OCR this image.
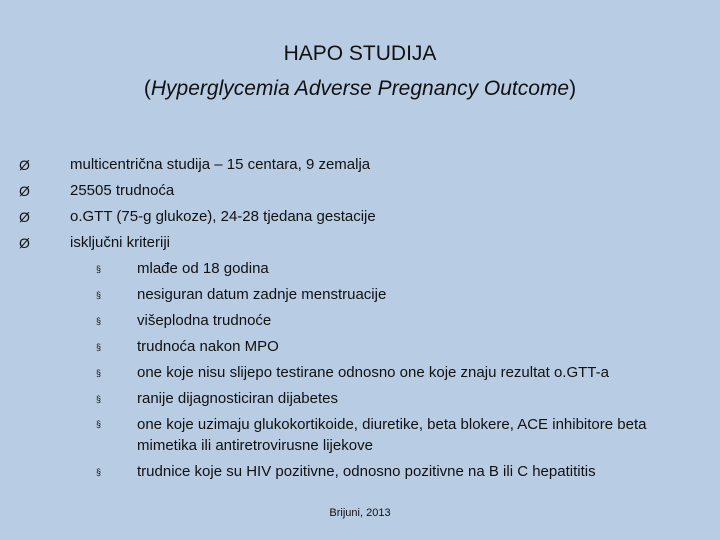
HAPO STUDIJA
(Hyperglycemia Adverse Pregnancy Outcome)
Ø	multicentrična studija – 15 centara, 9 zemalja
Ø	25505 trudnoća
Ø	o.GTT (75-g glukoze), 24-28 tjedana gestacije
Ø	isključni kriteriji
§ mlađe od 18 godina
§ nesiguran datum zadnje menstruacije
§ višeplodna trudnoće
§ trudnoća nakon MPO
§ one koje nisu slijepo testirane odnosno one koje znaju rezultat o.GTT-a
§ ranije dijagnosticiran dijabetes
§ one koje uzimaju glukokortikoide, diuretike, beta blokere, ACE inhibitore beta mimetika ili antiretrovirusne lijekove
§ trudnice koje su HIV pozitivne, odnosno pozitivne na B ili C hepatititis
Brijuni, 2013
